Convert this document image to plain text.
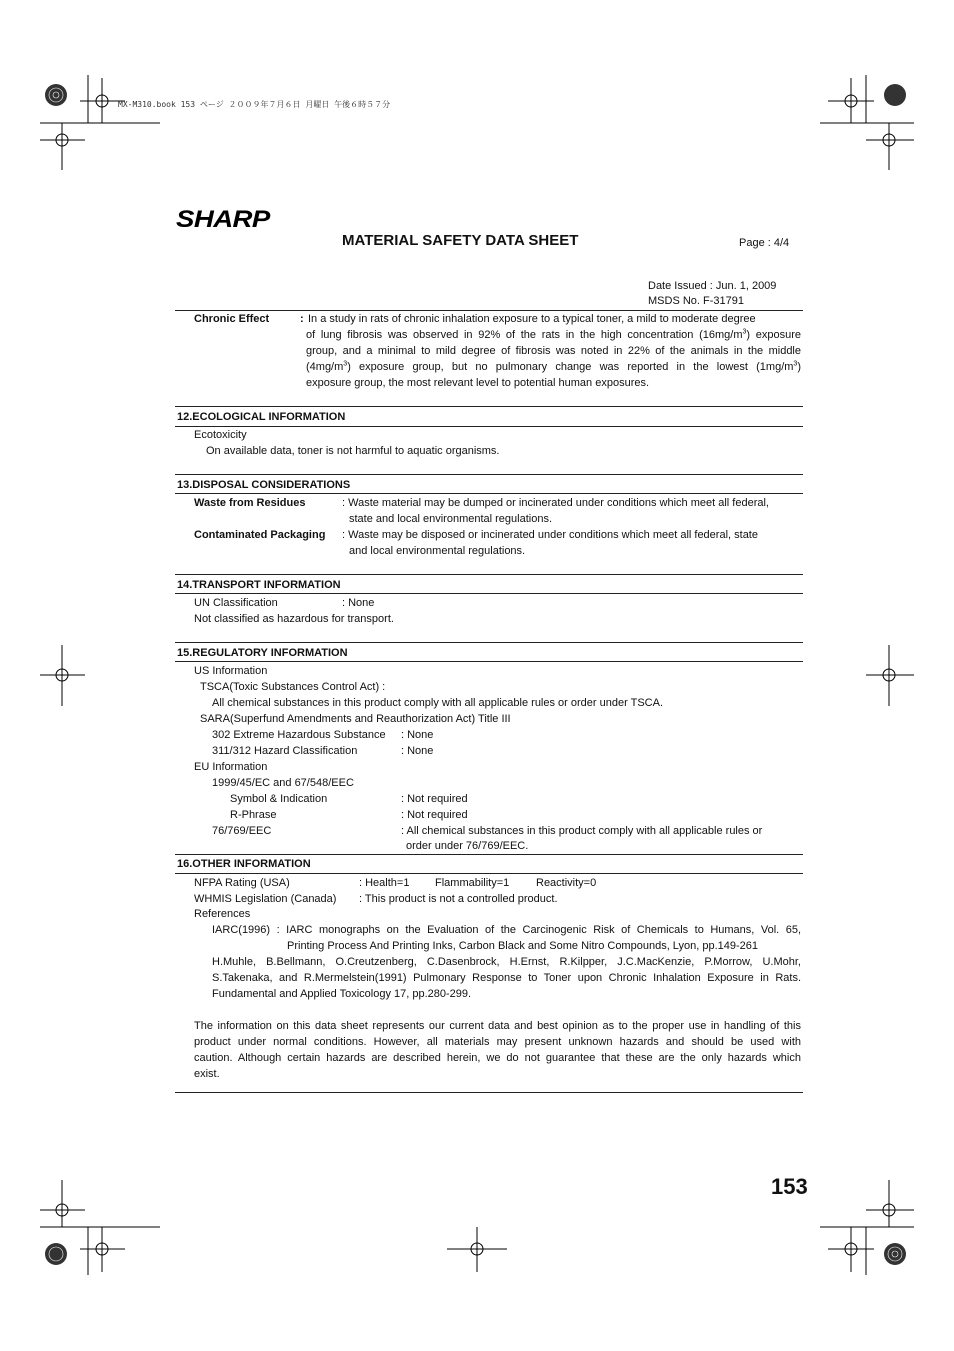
MX-M310.book 153 ページ ２００９年７月６日 月曜日 午後６時５７分
SHARP
MATERIAL SAFETY DATA SHEET	Page : 4/4
Date Issued : Jun. 1, 2009
MSDS No. F-31791
Chronic Effect	: In a study in rats of chronic inhalation exposure to a typical toner, a mild to moderate degree
of lung fibrosis was observed in 92% of the rats in the high concentration $(16mg/m^3)$ exposure
group, and a minimal to mild degree of fibrosis was noted in 22% of the animals in the middle
$(4mg/m^3)$ exposure group, but no pulmonary change was reported in the lowest $(1mg/m^3)$
exposure group, the most relevant level to potential human exposures.
12.ECOLOGICAL INFORMATION
Ecotoxicity
On available data, toner is not harmful to aquatic organisms.
13.DISPOSAL CONSIDERATIONS
Waste from Residues	: Waste material may be dumped or incinerated under conditions which meet all federal,
state and local environmental regulations.
Contaminated Packaging : Waste may be disposed or incinerated under conditions which meet all federal, state
and local environmental regulations.
14.TRANSPORT INFORMATION
UN Classification	: None
Not classified as hazardous for transport.
15.REGULATORY INFORMATION
US Information
TSCA(Toxic Substances Control Act) :
All chemical substances in this product comply with all applicable rules or order under TSCA.
SARA(Superfund Amendments and Reauthorization Act) Title III
302 Extreme Hazardous Substance : None
311/312 Hazard Classification	: None
EU Information
1999/45/EC and 67/548/EEC
Symbol & Indication	: Not required
R-Phrase	: Not required
76/769/EEC	: All chemical substances in this product comply with all applicable rules or
order under 76/769/EEC.
16.OTHER INFORMATION
NFPA Rating (USA)	: Health=1 Flammability=1 Reactivity=0
WHMIS Legislation (Canada) : This product is not a controlled product.
References
IARC(1996) : IARC monographs on the Evaluation of the Carcinogenic Risk of Chemicals to Humans, Vol. 65,
Printing Process And Printing Inks, Carbon Black and Some Nitro Compounds, Lyon, pp.149-261
H.Muhle, B.Bellmann, O.Creutzenberg, C.Dasenbrock, H.Ernst, R.Kilpper, J.C.MacKenzie, P.Morrow, U.Mohr,
S.Takenaka, and R.Mermelstein(1991) Pulmonary Response to Toner upon Chronic Inhalation Exposure in Rats.
Fundamental and Applied Toxicology 17, pp.280-299.
The information on this data sheet represents our current data and best opinion as to the proper use in handling of this
product under normal conditions. However, all materials may present unknown hazards and should be used with
caution. Although certain hazards are described herein, we do not guarantee that these are the only hazards which
exist.
153
